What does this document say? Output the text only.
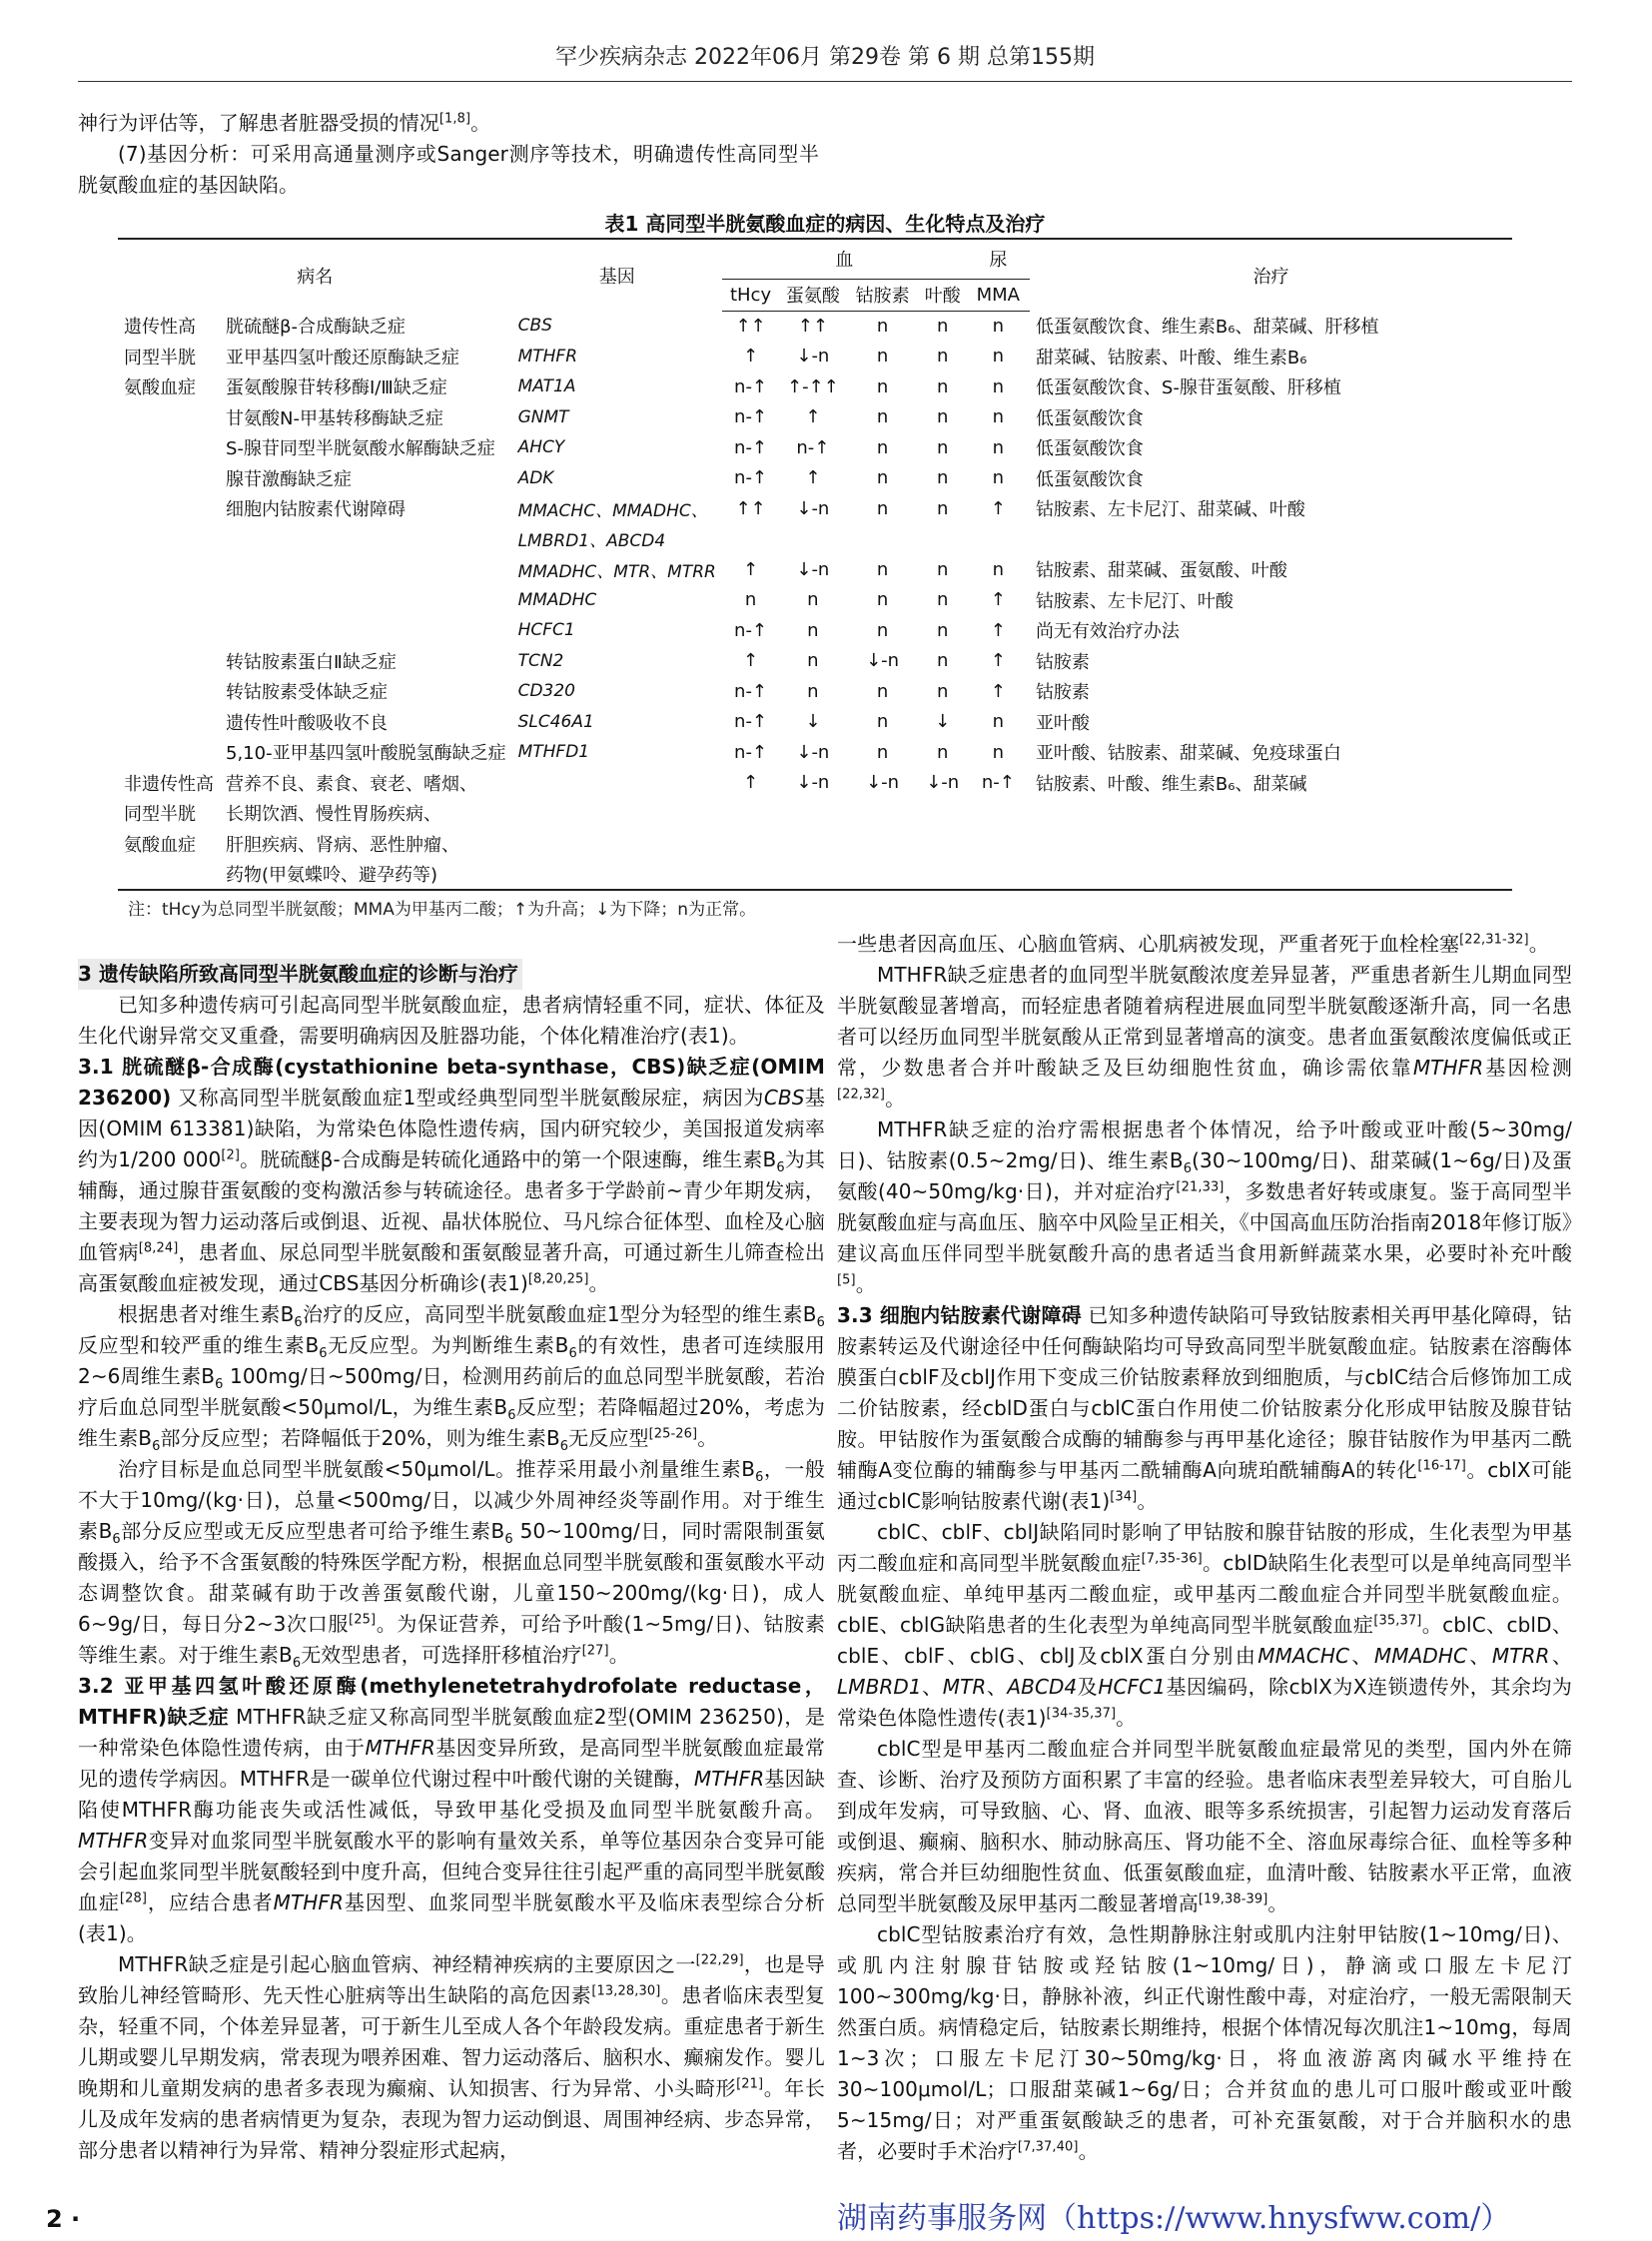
罕少疾病杂志 2022年06月 第29卷 第 6 期 总第155期

神行为评估等，了解患者脏器受损的情况[1,8]。

(7)基因分析：可采用高通量测序或Sanger测序等技术，明确遗传性高同型半胱氨酸血症的基因缺陷。

表1 高同型半胱氨酸血症的病因、生化特点及治疗
病名		基因	血				尿	治疗
			tHcy	蛋氨酸	钴胺素	叶酸	MMA	
遗传性高	胱硫醚β-合成酶缺乏症	CBS	↑↑	↑↑	n	n	n	低蛋氨酸饮食、维生素B₆、甜菜碱、肝移植
同型半胱	亚甲基四氢叶酸还原酶缺乏症	MTHFR	↑	↓-n	n	n	n	甜菜碱、钴胺素、叶酸、维生素B₆
氨酸血症	蛋氨酸腺苷转移酶Ⅰ/Ⅲ缺乏症	MAT1A	n-↑	↑-↑↑	n	n	n	低蛋氨酸饮食、S-腺苷蛋氨酸、肝移植
	甘氨酸N-甲基转移酶缺乏症	GNMT	n-↑	↑	n	n	n	低蛋氨酸饮食
	S-腺苷同型半胱氨酸水解酶缺乏症	AHCY	n-↑	n-↑	n	n	n	低蛋氨酸饮食
	腺苷激酶缺乏症	ADK	n-↑	↑	n	n	n	低蛋氨酸饮食
	细胞内钴胺素代谢障碍	MMACHC、MMADHC、	↑↑	↓-n	n	n	↑	钴胺素、左卡尼汀、甜菜碱、叶酸
		LMBRD1、ABCD4						
		MMADHC、MTR、MTRR	↑	↓-n	n	n	n	钴胺素、甜菜碱、蛋氨酸、叶酸
		MMADHC	n	n	n	n	↑	钴胺素、左卡尼汀、叶酸
		HCFC1	n-↑	n	n	n	↑	尚无有效治疗办法
	转钴胺素蛋白Ⅱ缺乏症	TCN2	↑	n	↓-n	n	↑	钴胺素
	转钴胺素受体缺乏症	CD320	n-↑	n	n	n	↑	钴胺素
	遗传性叶酸吸收不良	SLC46A1	n-↑	↓	n	↓	n	亚叶酸
	5,10-亚甲基四氢叶酸脱氢酶缺乏症	MTHFD1	n-↑	↓-n	n	n	n	亚叶酸、钴胺素、甜菜碱、免疫球蛋白
非遗传性高	营养不良、素食、衰老、嗜烟、		↑	↓-n	↓-n	↓-n	n-↑	钴胺素、叶酸、维生素B₆、甜菜碱
同型半胱	长期饮酒、慢性胃肠疾病、							
氨酸血症	肝胆疾病、肾病、恶性肿瘤、							
	药物(甲氨蝶呤、避孕药等)							
注：tHcy为总同型半胱氨酸；MMA为甲基丙二酸；↑为升高；↓为下降；n为正常。
3 遗传缺陷所致高同型半胱氨酸血症的诊断与治疗

已知多种遗传病可引起高同型半胱氨酸血症，患者病情轻重不同，症状、体征及生化代谢异常交叉重叠，需要明确病因及脏器功能，个体化精准治疗(表1)。

3.1 胱硫醚β-合成酶(cystathionine beta-synthase，CBS)缺乏症(OMIM 236200) 又称高同型半胱氨酸血症1型或经典型同型半胱氨酸尿症，病因为CBS基因(OMIM 613381)缺陷，为常染色体隐性遗传病，国内研究较少，美国报道发病率约为1/200 000[2]。胱硫醚β-合成酶是转硫化通路中的第一个限速酶，维生素$B_6$为其辅酶，通过腺苷蛋氨酸的变构激活参与转硫途径。患者多于学龄前~青少年期发病，主要表现为智力运动落后或倒退、近视、晶状体脱位、马凡综合征体型、血栓及心脑血管病[8,24]，患者血、尿总同型半胱氨酸和蛋氨酸显著升高，可通过新生儿筛查检出高蛋氨酸血症被发现，通过CBS基因分析确诊(表1)[8,20,25]。

根据患者对维生素$B_6$治疗的反应，高同型半胱氨酸血症1型分为轻型的维生素$B_6$反应型和较严重的维生素$B_6$无反应型。为判断维生素$B_6$的有效性，患者可连续服用2~6周维生素$B_6$ 100mg/日~500mg/日，检测用药前后的血总同型半胱氨酸，若治疗后血总同型半胱氨酸<50μmol/L，为维生素$B_6$反应型；若降幅超过20%，考虑为维生素$B_6$部分反应型；若降幅低于20%，则为维生素$B_6$无反应型[25-26]。

治疗目标是血总同型半胱氨酸<50μmol/L。推荐采用最小剂量维生素$B_6$，一般不大于10mg/(kg·日)，总量<500mg/日，以减少外周神经炎等副作用。对于维生素$B_6$部分反应型或无反应型患者可给予维生素$B_6$ 50~100mg/日，同时需限制蛋氨酸摄入，给予不含蛋氨酸的特殊医学配方粉，根据血总同型半胱氨酸和蛋氨酸水平动态调整饮食。甜菜碱有助于改善蛋氨酸代谢，儿童150~200mg/(kg·日)，成人6~9g/日，每日分2~3次口服[25]。为保证营养，可给予叶酸(1~5mg/日)、钴胺素等维生素。对于维生素$B_6$无效型患者，可选择肝移植治疗[27]。

3.2 亚甲基四氢叶酸还原酶(methylenetetrahydrofolate reductase，MTHFR)缺乏症 MTHFR缺乏症又称高同型半胱氨酸血症2型(OMIM 236250)，是一种常染色体隐性遗传病，由于MTHFR基因变异所致，是高同型半胱氨酸血症最常见的遗传学病因。MTHFR是一碳单位代谢过程中叶酸代谢的关键酶，MTHFR基因缺陷使MTHFR酶功能丧失或活性减低，导致甲基化受损及血同型半胱氨酸升高。MTHFR变异对血浆同型半胱氨酸水平的影响有量效关系，单等位基因杂合变异可能会引起血浆同型半胱氨酸轻到中度升高，但纯合变异往往引起严重的高同型半胱氨酸血症[28]，应结合患者MTHFR基因型、血浆同型半胱氨酸水平及临床表型综合分析(表1)。

MTHFR缺乏症是引起心脑血管病、神经精神疾病的主要原因之一[22,29]，也是导致胎儿神经管畸形、先天性心脏病等出生缺陷的高危因素[13,28,30]。患者临床表型复杂，轻重不同，个体差异显著，可于新生儿至成人各个年龄段发病。重症患者于新生儿期或婴儿早期发病，常表现为喂养困难、智力运动落后、脑积水、癫痫发作。婴儿晚期和儿童期发病的患者多表现为癫痫、认知损害、行为异常、小头畸形[21]。年长儿及成年发病的患者病情更为复杂，表现为智力运动倒退、周围神经病、步态异常，部分患者以精神行为异常、精神分裂症形式起病，

一些患者因高血压、心脑血管病、心肌病被发现，严重者死于血栓栓塞[22,31-32]。

MTHFR缺乏症患者的血同型半胱氨酸浓度差异显著，严重患者新生儿期血同型半胱氨酸显著增高，而轻症患者随着病程进展血同型半胱氨酸逐渐升高，同一名患者可以经历血同型半胱氨酸从正常到显著增高的演变。患者血蛋氨酸浓度偏低或正常，少数患者合并叶酸缺乏及巨幼细胞性贫血，确诊需依靠MTHFR基因检测[22,32]。

MTHFR缺乏症的治疗需根据患者个体情况，给予叶酸或亚叶酸(5~30mg/日)、钴胺素(0.5~2mg/日)、维生素$B_6(30\sim 100mg/$日)、甜菜碱(1~6g/日)及蛋氨酸(40~50mg/kg·日)，并对症治疗[21,33]，多数患者好转或康复。鉴于高同型半胱氨酸血症与高血压、脑卒中风险呈正相关，《中国高血压防治指南2018年修订版》建议高血压伴同型半胱氨酸升高的患者适当食用新鲜蔬菜水果，必要时补充叶酸[5]。

3.3 细胞内钴胺素代谢障碍 已知多种遗传缺陷可导致钴胺素相关再甲基化障碍，钴胺素转运及代谢途径中任何酶缺陷均可导致高同型半胱氨酸血症。钴胺素在溶酶体膜蛋白cblF及cblJ作用下变成三价钴胺素释放到细胞质，与cblC结合后修饰加工成二价钴胺素，经cblD蛋白与cblC蛋白作用使二价钴胺素分化形成甲钴胺及腺苷钴胺。甲钴胺作为蛋氨酸合成酶的辅酶参与再甲基化途径；腺苷钴胺作为甲基丙二酰辅酶A变位酶的辅酶参与甲基丙二酰辅酶A向琥珀酰辅酶A的转化[16-17]。cblX可能通过cblC影响钴胺素代谢(表1)[34]。

cblC、cblF、cblJ缺陷同时影响了甲钴胺和腺苷钴胺的形成，生化表型为甲基丙二酸血症和高同型半胱氨酸血症[7,35-36]。cblD缺陷生化表型可以是单纯高同型半胱氨酸血症、单纯甲基丙二酸血症，或甲基丙二酸血症合并同型半胱氨酸血症。cblE、cblG缺陷患者的生化表型为单纯高同型半胱氨酸血症[35,37]。cblC、cblD、cblE、cblF、cblG、cblJ及cblX蛋白分别由MMACHC、MMADHC、MTRR、LMBRD1、MTR、ABCD4及HCFC1基因编码，除cblX为X连锁遗传外，其余均为常染色体隐性遗传(表1)[34-35,37]。

cblC型是甲基丙二酸血症合并同型半胱氨酸血症最常见的类型，国内外在筛查、诊断、治疗及预防方面积累了丰富的经验。患者临床表型差异较大，可自胎儿到成年发病，可导致脑、心、肾、血液、眼等多系统损害，引起智力运动发育落后或倒退、癫痫、脑积水、肺动脉高压、肾功能不全、溶血尿毒综合征、血栓等多种疾病，常合并巨幼细胞性贫血、低蛋氨酸血症，血清叶酸、钴胺素水平正常，血液总同型半胱氨酸及尿甲基丙二酸显著增高[19,38-39]。

cblC型钴胺素治疗有效，急性期静脉注射或肌内注射甲钴胺(1~10mg/日)、或肌内注射腺苷钴胺或羟钴胺(1~10mg/日)，静滴或口服左卡尼汀100~300mg/kg·日，静脉补液，纠正代谢性酸中毒，对症治疗，一般无需限制天然蛋白质。病情稳定后，钴胺素长期维持，根据个体情况每次肌注1~10mg，每周1~3次；口服左卡尼汀30~50mg/kg·日，将血液游离肉碱水平维持在30~100μmol/L；口服甜菜碱1~6g/日；合并贫血的患儿可口服叶酸或亚叶酸5~15mg/日；对严重蛋氨酸缺乏的患者，可补充蛋氨酸，对于合并脑积水的患者，必要时手术治疗[7,37,40]。

2 ·	湖南药事服务网（https://www.hnysfww.com/）
